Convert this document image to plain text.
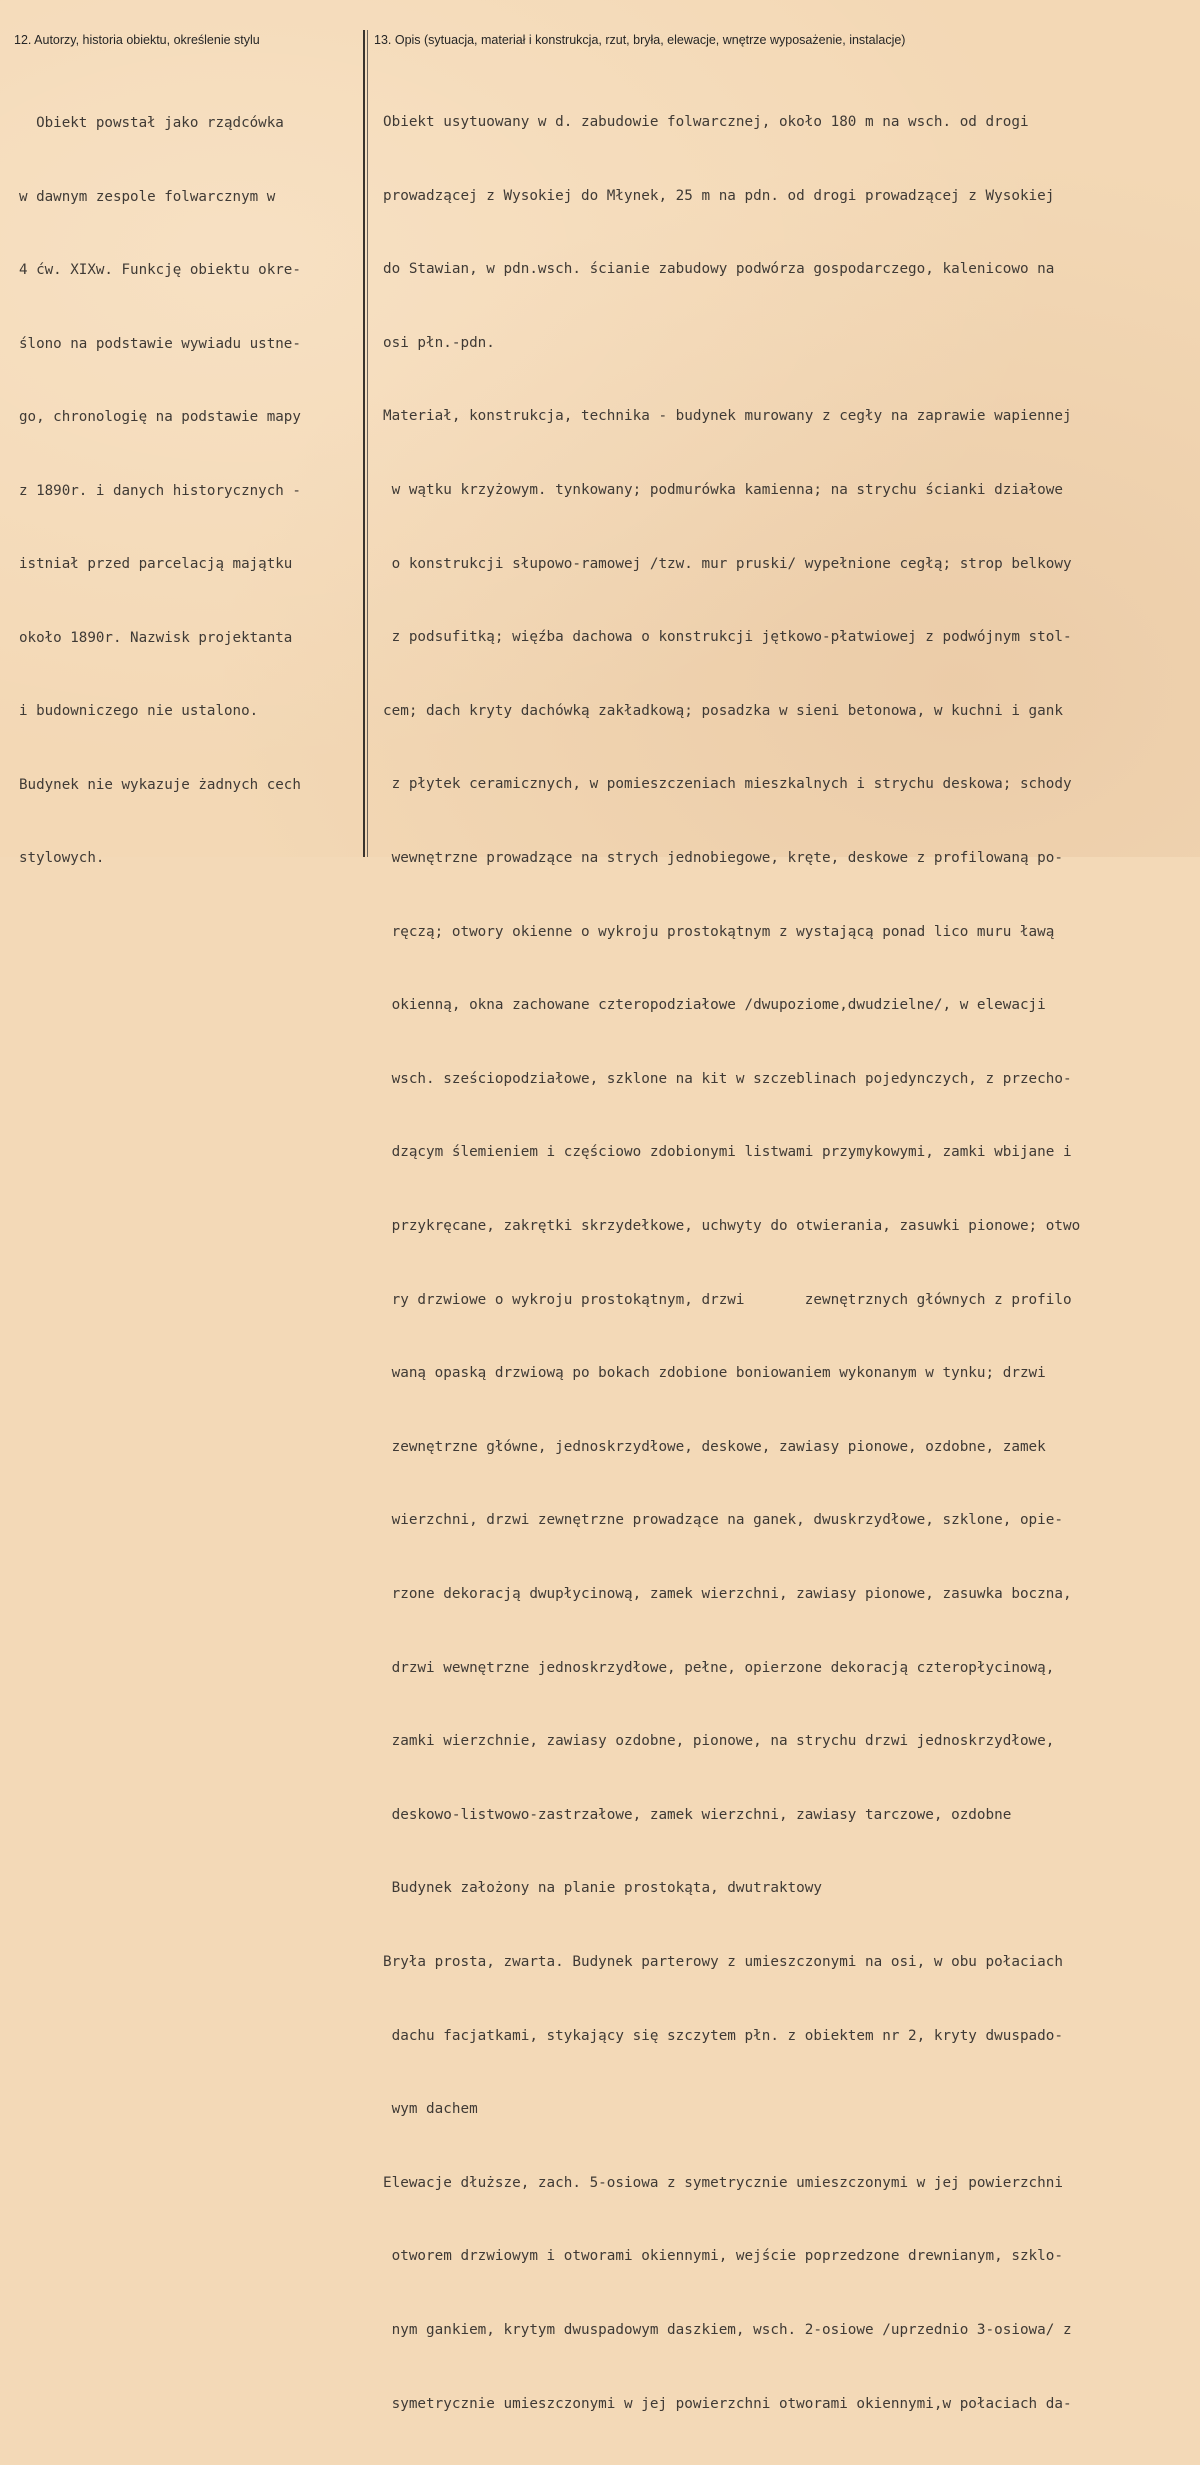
12. Autorzy, historia obiektu, określenie stylu	13. Opis (sytuacja, materiał i konstrukcja, rzut, bryła, elewacje, wnętrze wyposażenie, instalacje)

Obiekt powstał jako rządcówka

w dawnym zespole folwarcznym w

4 ćw. XIXw. Funkcję obiektu okre-

ślono na podstawie wywiadu ustne-

go, chronologię na podstawie mapy

z 1890r. i danych historycznych -

istniał przed parcelacją majątku

około 1890r. Nazwisk projektanta

i budowniczego nie ustalono.

Budynek nie wykazuje żadnych cech

stylowych.

Obiekt usytuowany w d. zabudowie folwarcznej, około 180 m na wsch. od drogi

prowadzącej z Wysokiej do Młynek, 25 m na pdn. od drogi prowadzącej z Wysokiej

do Stawian, w pdn.wsch. ścianie zabudowy podwórza gospodarczego, kalenicowo na

osi płn.-pdn.

Materiał, konstrukcja, technika - budynek murowany z cegły na zaprawie wapiennej

w wątku krzyżowym. tynkowany; podmurówka kamienna; na strychu ścianki działowe

o konstrukcji słupowo-ramowej /tzw. mur pruski/ wypełnione cegłą; strop belkowy

z podsufitką; więźba dachowa o konstrukcji jętkowo-płatwiowej z podwójnym stol-

cem; dach kryty dachówką zakładkową; posadzka w sieni betonowa, w kuchni i gank

z płytek ceramicznych, w pomieszczeniach mieszkalnych i strychu deskowa; schody

wewnętrzne prowadzące na strych jednobiegowe, kręte, deskowe z profilowaną po-

ręczą; otwory okienne o wykroju prostokątnym z wystającą ponad lico muru ławą

okienną, okna zachowane czteropodziałowe /dwupoziome,dwudzielne/, w elewacji

wsch. sześciopodziałowe, szklone na kit w szczeblinach pojedynczych, z przecho-

dzącym ślemieniem i częściowo zdobionymi listwami przymykowymi, zamki wbijane i

przykręcane, zakrętki skrzydełkowe, uchwyty do otwierania, zasuwki pionowe; otwo

ry drzwiowe o wykroju prostokątnym, drzwi       zewnętrznych głównych z profilo

waną opaską drzwiową po bokach zdobione boniowaniem wykonanym w tynku; drzwi

zewnętrzne główne, jednoskrzydłowe, deskowe, zawiasy pionowe, ozdobne, zamek

wierzchni, drzwi zewnętrzne prowadzące na ganek, dwuskrzydłowe, szklone, opie-

rzone dekoracją dwupłycinową, zamek wierzchni, zawiasy pionowe, zasuwka boczna,

drzwi wewnętrzne jednoskrzydłowe, pełne, opierzone dekoracją czteropłycinową,

zamki wierzchnie, zawiasy ozdobne, pionowe, na strychu drzwi jednoskrzydłowe,

deskowo-listwowo-zastrzałowe, zamek wierzchni, zawiasy tarczowe, ozdobne

Budynek założony na planie prostokąta, dwutraktowy

Bryła prosta, zwarta. Budynek parterowy z umieszczonymi na osi, w obu połaciach

dachu facjatkami, stykający się szczytem płn. z obiektem nr 2, kryty dwuspado-

wym dachem

Elewacje dłuższe, zach. 5-osiowa z symetrycznie umieszczonymi w jej powierzchni

otworem drzwiowym i otworami okiennymi, wejście poprzedzone drewnianym, szklo-

nym gankiem, krytym dwuspadowym daszkiem, wsch. 2-osiowe /uprzednio 3-osiowa/ z

symetrycznie umieszczonymi w jej powierzchni otworami okiennymi,w połaciach da-
